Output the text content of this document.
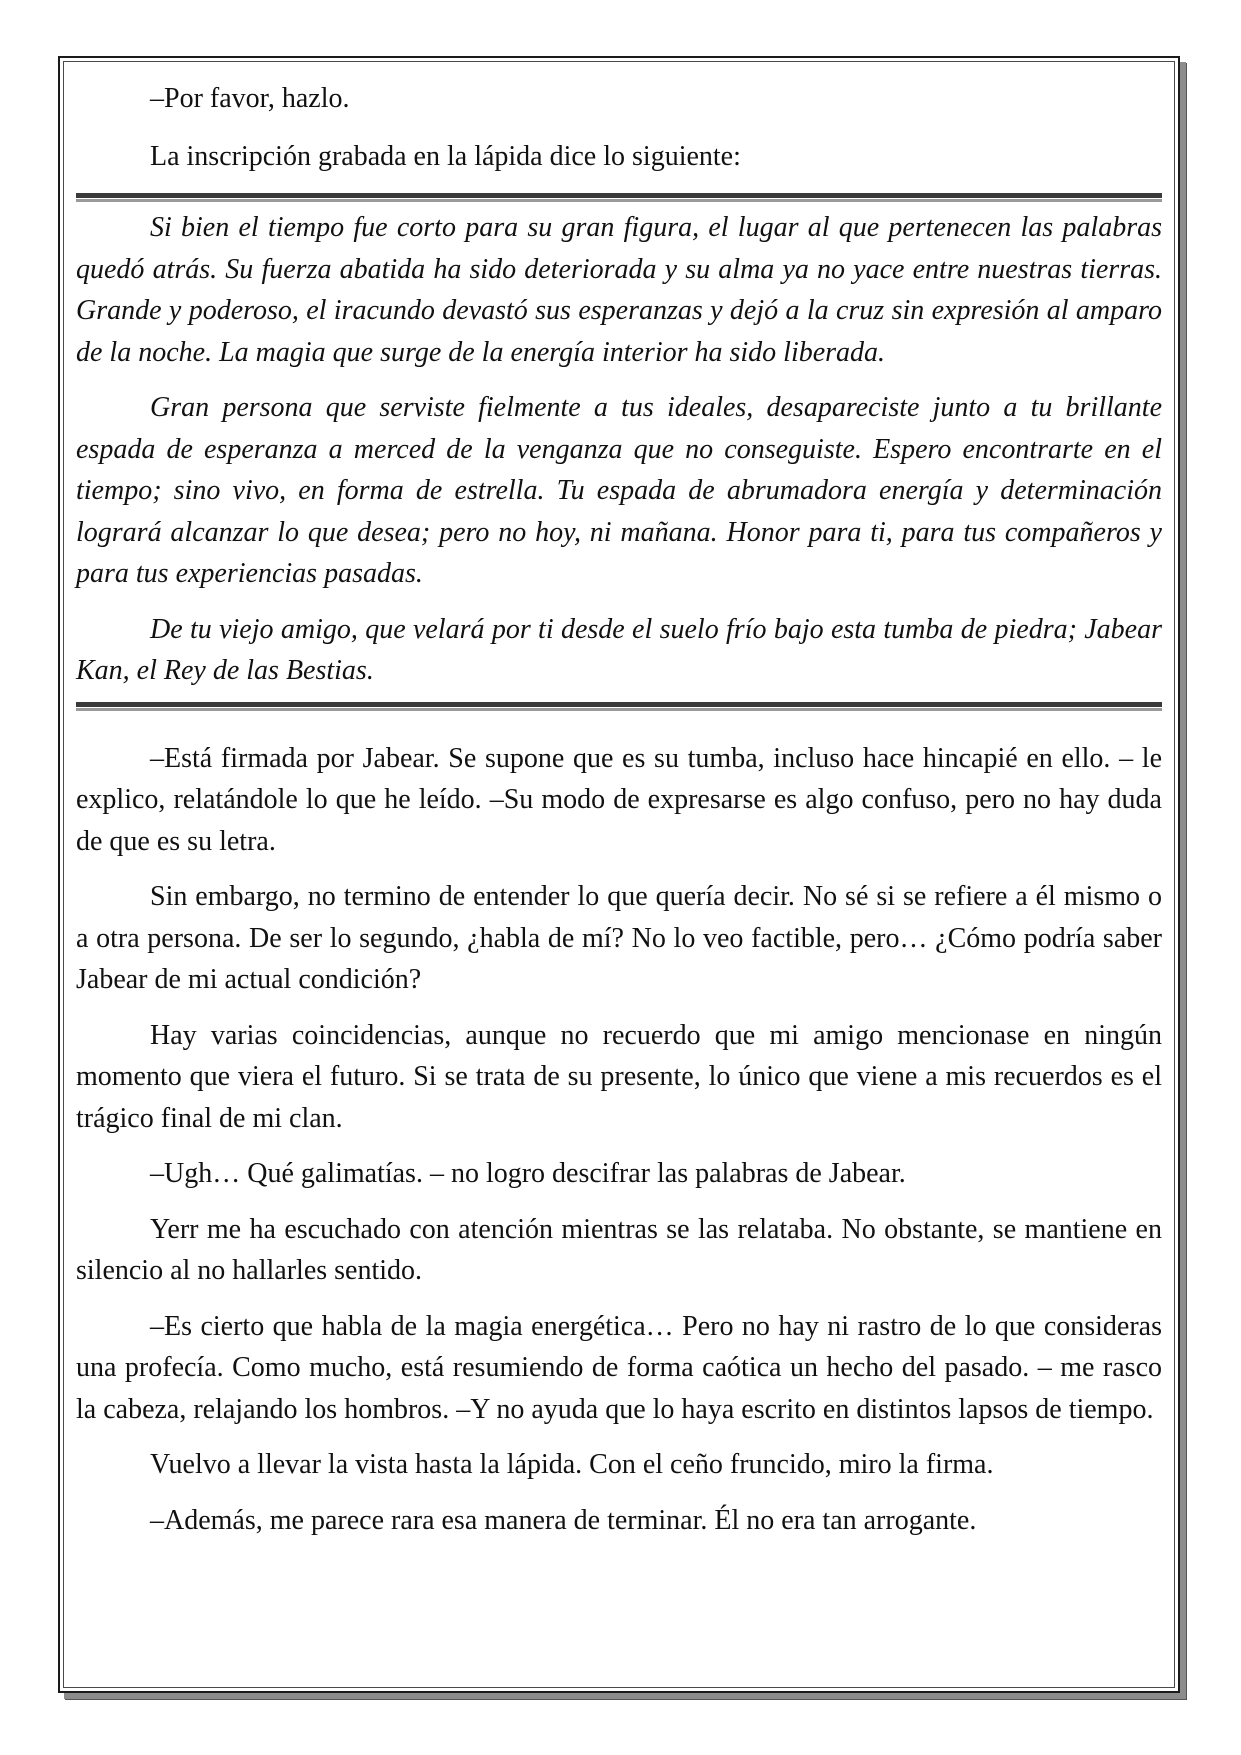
–Por favor, hazlo.

La inscripción grabada en la lápida dice lo siguiente:

Si bien el tiempo fue corto para su gran figura, el lugar al que pertenecen las palabras quedó atrás. Su fuerza abatida ha sido deteriorada y su alma ya no yace entre nuestras tierras. Grande y poderoso, el iracundo devastó sus esperanzas y dejó a la cruz sin expresión al amparo de la noche. La magia que surge de la energía interior ha sido liberada.

Gran persona que serviste fielmente a tus ideales, desapareciste junto a tu brillante espada de esperanza a merced de la venganza que no conseguiste. Espero encontrarte en el tiempo; sino vivo, en forma de estrella. Tu espada de abrumadora energía y determinación logrará alcanzar lo que desea; pero no hoy, ni mañana. Honor para ti, para tus compañeros y para tus experiencias pasadas.

De tu viejo amigo, que velará por ti desde el suelo frío bajo esta tumba de piedra; Jabear Kan, el Rey de las Bestias.

–Está firmada por Jabear. Se supone que es su tumba, incluso hace hincapié en ello. – le explico, relatándole lo que he leído. –Su modo de expresarse es algo confuso, pero no hay duda de que es su letra.

Sin embargo, no termino de entender lo que quería decir. No sé si se refiere a él mismo o a otra persona. De ser lo segundo, ¿habla de mí? No lo veo factible, pero… ¿Cómo podría saber Jabear de mi actual condición?

Hay varias coincidencias, aunque no recuerdo que mi amigo mencionase en ningún momento que viera el futuro. Si se trata de su presente, lo único que viene a mis recuerdos es el trágico final de mi clan.

–Ugh… Qué galimatías. – no logro descifrar las palabras de Jabear.

Yerr me ha escuchado con atención mientras se las relataba. No obstante, se mantiene en silencio al no hallarles sentido.

–Es cierto que habla de la magia energética… Pero no hay ni rastro de lo que consideras una profecía. Como mucho, está resumiendo de forma caótica un hecho del pasado. – me rasco la cabeza, relajando los hombros. –Y no ayuda que lo haya escrito en distintos lapsos de tiempo.

Vuelvo a llevar la vista hasta la lápida. Con el ceño fruncido, miro la firma.

–Además, me parece rara esa manera de terminar. Él no era tan arrogante.
